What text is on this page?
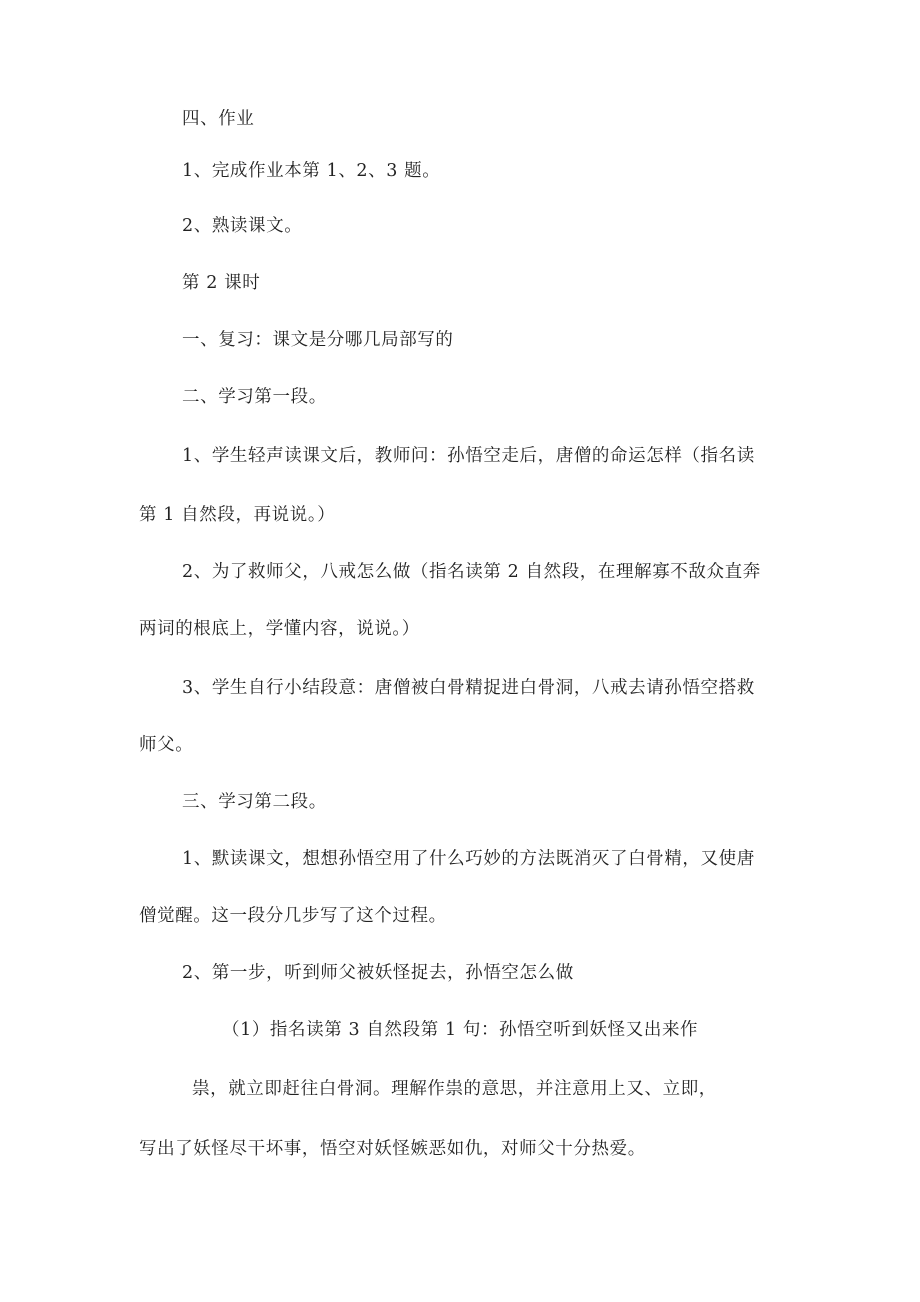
四、作业
1、完成作业本第 1、2、3 题。
2、熟读课文。
第 2 课时
一、复习：课文是分哪几局部写的
二、学习第一段。
1、学生轻声读课文后，教师问：孙悟空走后，唐僧的命运怎样（指名读
第 1 自然段，再说说。）
2、为了救师父，八戒怎么做（指名读第 2 自然段，在理解寡不敌众直奔
两词的根底上，学懂内容，说说。）
3、学生自行小结段意：唐僧被白骨精捉进白骨洞，八戒去请孙悟空搭救
师父。
三、学习第二段。
1、默读课文，想想孙悟空用了什么巧妙的方法既消灭了白骨精，又使唐
僧觉醒。这一段分几步写了这个过程。
2、第一步，听到师父被妖怪捉去，孙悟空怎么做
（1）指名读第 3 自然段第 1 句：孙悟空听到妖怪又出来作
祟，就立即赶往白骨洞。理解作祟的意思，并注意用上又、立即，
写出了妖怪尽干坏事，悟空对妖怪嫉恶如仇，对师父十分热爱。
